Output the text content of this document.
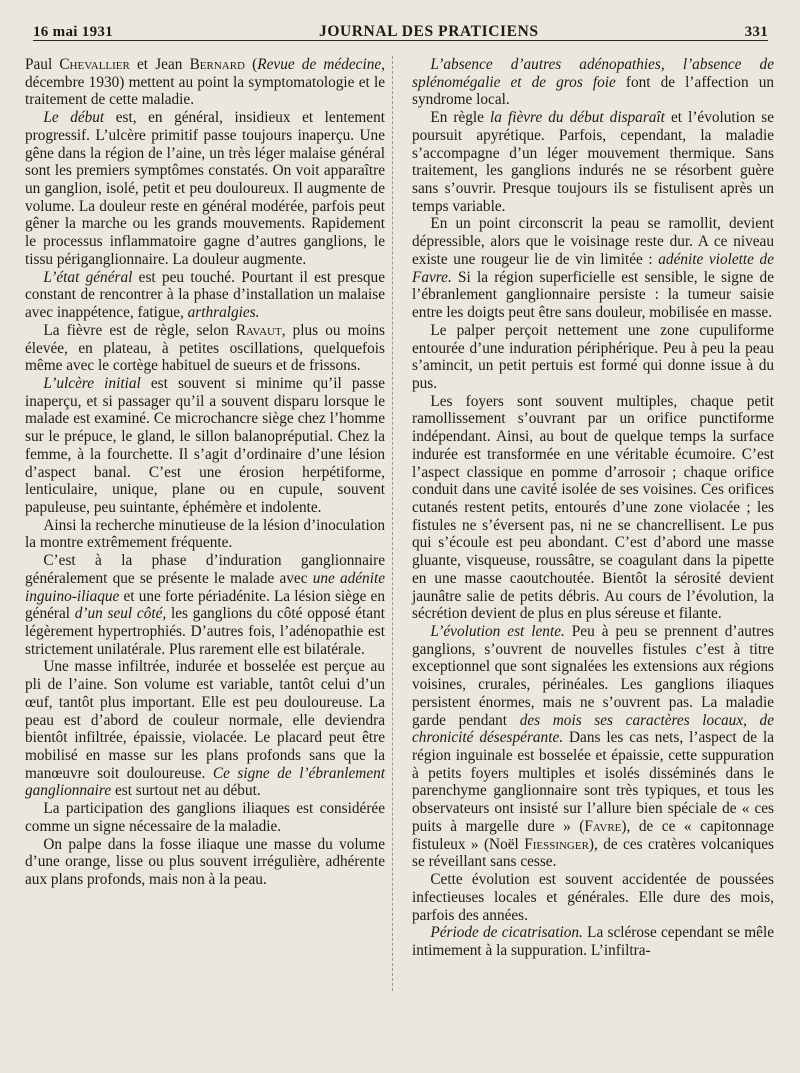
16 mai 1931	JOURNAL DES PRATICIENS	331

Paul Chevallier et Jean Bernard (Revue de médecine, décembre 1930) mettent au point la symptomatologie et le traitement de cette maladie.

Le début est, en général, insidieux et lentement progressif. L’ulcère primitif passe toujours inaperçu. Une gêne dans la région de l’aine, un très léger malaise général sont les premiers symptômes constatés. On voit apparaître un ganglion, isolé, petit et peu douloureux. Il augmente de volume. La douleur reste en général modérée, parfois peut gêner la marche ou les grands mouvements. Rapidement le processus inflammatoire gagne d’autres ganglions, le tissu périganglionnaire. La douleur augmente.

L’état général est peu touché. Pourtant il est presque constant de rencontrer à la phase d’installation un malaise avec inappétence, fatigue, arthralgies.

La fièvre est de règle, selon Ravaut, plus ou moins élevée, en plateau, à petites oscillations, quelquefois même avec le cortège habituel de sueurs et de frissons.

L’ulcère initial est souvent si minime qu’il passe inaperçu, et si passager qu’il a souvent disparu lorsque le malade est examiné. Ce microchancre siège chez l’homme sur le prépuce, le gland, le sillon balanopréputial. Chez la femme, à la fourchette. Il s’agit d’ordinaire d’une lésion d’aspect banal. C’est une érosion herpétiforme, lenticulaire, unique, plane ou en cupule, souvent papuleuse, peu suintante, éphémère et indolente.

Ainsi la recherche minutieuse de la lésion d’inoculation la montre extrêmement fréquente.

C’est à la phase d’induration ganglionnaire généralement que se présente le malade avec une adénite inguino-iliaque et une forte périadénite. La lésion siège en général d’un seul côté, les ganglions du côté opposé étant légèrement hypertrophiés. D’autres fois, l’adénopathie est strictement unilatérale. Plus rarement elle est bilatérale.

Une masse infiltrée, indurée et bosselée est perçue au pli de l’aine. Son volume est variable, tantôt celui d’un œuf, tantôt plus important. Elle est peu douloureuse. La peau est d’abord de couleur normale, elle deviendra bientôt infiltrée, épaissie, violacée. Le placard peut être mobilisé en masse sur les plans profonds sans que la manœuvre soit douloureuse. Ce signe de l’ébranlement ganglionnaire est surtout net au début.

La participation des ganglions iliaques est considérée comme un signe nécessaire de la maladie.

On palpe dans la fosse iliaque une masse du volume d’une orange, lisse ou plus souvent irrégulière, adhérente aux plans profonds, mais non à la peau.

L’absence d’autres adénopathies, l’absence de splénomégalie et de gros foie font de l’affection un syndrome local.

En règle la fièvre du début disparaît et l’évolution se poursuit apyrétique. Parfois, cependant, la maladie s’accompagne d’un léger mouvement thermique. Sans traitement, les ganglions indurés ne se résorbent guère sans s’ouvrir. Presque toujours ils se fistulisent après un temps variable.

En un point circonscrit la peau se ramollit, devient dépressible, alors que le voisinage reste dur. A ce niveau existe une rougeur lie de vin limitée : adénite violette de Favre. Si la région superficielle est sensible, le signe de l’ébranlement ganglionnaire persiste : la tumeur saisie entre les doigts peut être sans douleur, mobilisée en masse.

Le palper perçoit nettement une zone cupuliforme entourée d’une induration périphérique. Peu à peu la peau s’amincit, un petit pertuis est formé qui donne issue à du pus.

Les foyers sont souvent multiples, chaque petit ramollissement s’ouvrant par un orifice punctiforme indépendant. Ainsi, au bout de quelque temps la surface indurée est transformée en une véritable écumoire. C’est l’aspect classique en pomme d’arrosoir ; chaque orifice conduit dans une cavité isolée de ses voisines. Ces orifices cutanés restent petits, entourés d’une zone violacée ; les fistules ne s’éversent pas, ni ne se chancrellisent. Le pus qui s’écoule est peu abondant. C’est d’abord une masse gluante, visqueuse, roussâtre, se coagulant dans la pipette en une masse caoutchoutée. Bientôt la sérosité devient jaunâtre salie de petits débris. Au cours de l’évolution, la sécrétion devient de plus en plus séreuse et filante.

L’évolution est lente. Peu à peu se prennent d’autres ganglions, s’ouvrent de nouvelles fistules c’est à titre exceptionnel que sont signalées les extensions aux régions voisines, crurales, périnéales. Les ganglions iliaques persistent énormes, mais ne s’ouvrent pas. La maladie garde pendant des mois ses caractères locaux, de chronicité désespérante. Dans les cas nets, l’aspect de la région inguinale est bosselée et épaissie, cette suppuration à petits foyers multiples et isolés disséminés dans le parenchyme ganglionnaire sont très typiques, et tous les observateurs ont insisté sur l’allure bien spéciale de « ces puits à margelle dure » (Favre), de ce « capitonnage fistuleux » (Noël Fiessinger), de ces cratères volcaniques se réveillant sans cesse.

Cette évolution est souvent accidentée de poussées infectieuses locales et générales. Elle dure des mois, parfois des années.

Période de cicatrisation. La sclérose cependant se mêle intimement à la suppuration. L’infiltra-
